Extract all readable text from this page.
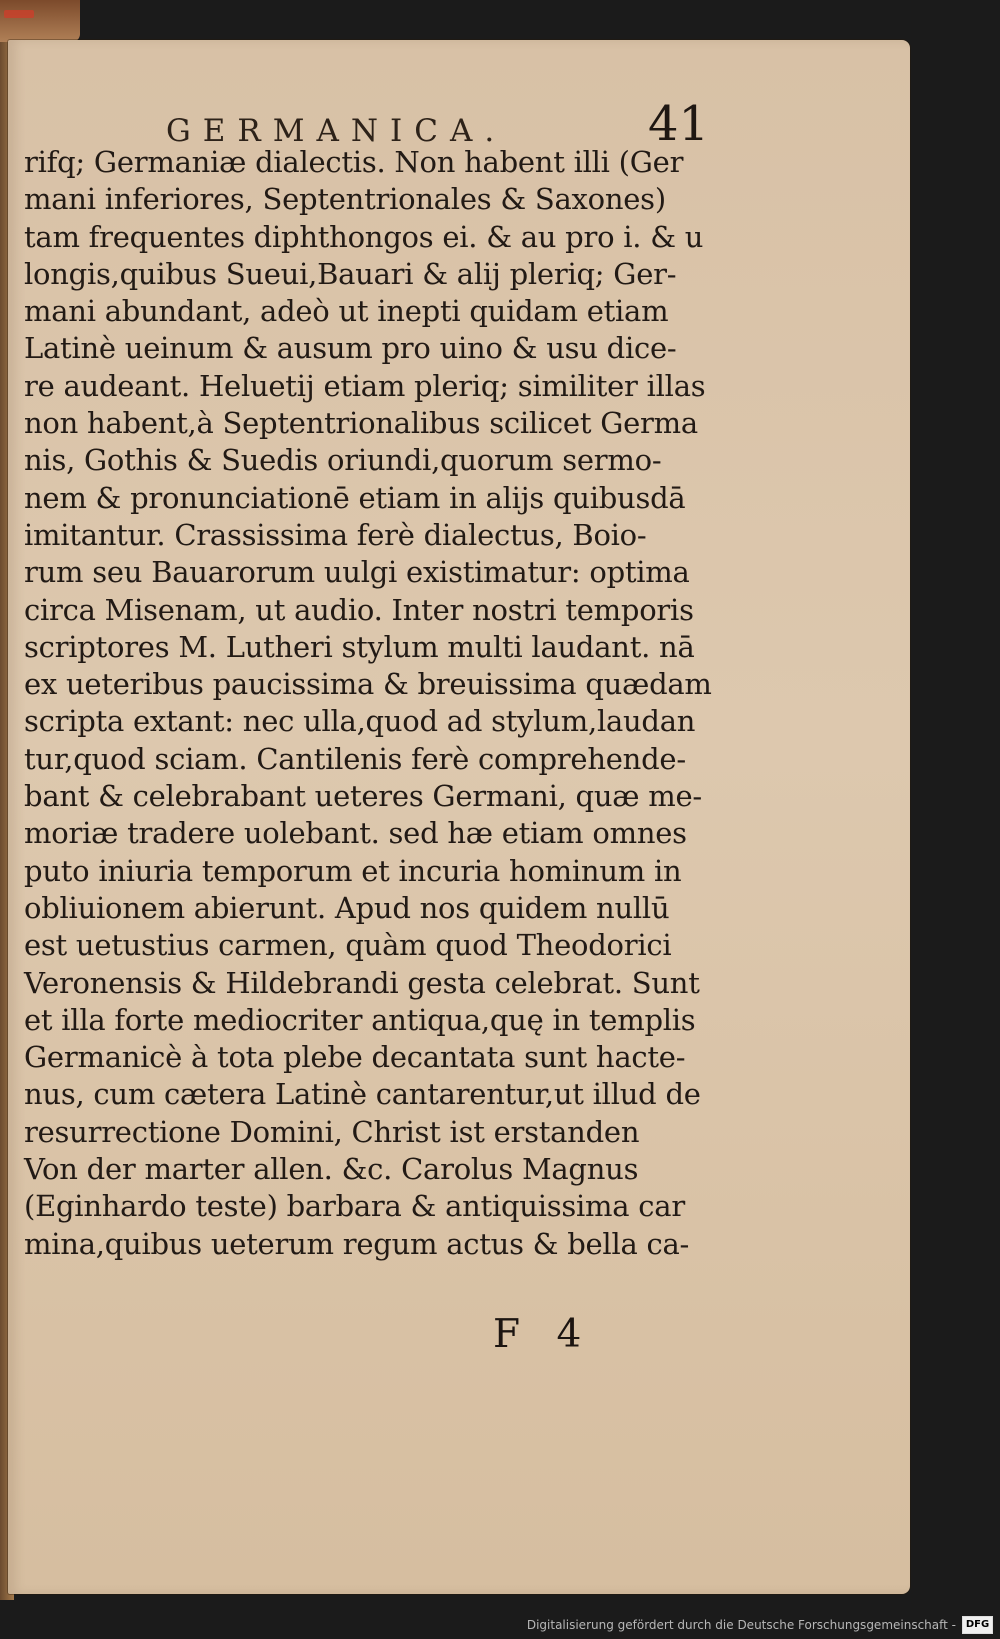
GERMANICA.	41
rifq; Germaniæ dialectis. Non habent illi (Ger
mani inferiores, Septentrionales & Saxones)
tam frequentes diphthongos ei. & au pro i. & u
longis,quibus Sueui,Bauari & alij pleriq; Ger-
mani abundant, adeò ut inepti quidam etiam
Latinè ueinum & ausum pro uino & usu dice-
re audeant. Heluetij etiam pleriq; similiter illas
non habent,à Septentrionalibus scilicet Germa
nis, Gothis & Suedis oriundi,quorum sermo-
nem & pronunciationē etiam in alijs quibusdā
imitantur. Crassissima ferè dialectus, Boio-
rum seu Bauarorum uulgi existimatur: optima
circa Misenam, ut audio. Inter nostri temporis
scriptores M. Lutheri stylum multi laudant. nā
ex ueteribus paucissima & breuissima quædam
scripta extant: nec ulla,quod ad stylum,laudan
tur,quod sciam. Cantilenis ferè comprehende-
bant & celebrabant ueteres Germani, quæ me-
moriæ tradere uolebant. sed hæ etiam omnes
puto iniuria temporum et incuria hominum in
obliuionem abierunt. Apud nos quidem nullū
est uetustius carmen, quàm quod Theodorici
Veronensis & Hildebrandi gesta celebrat. Sunt
et illa forte mediocriter antiqua,quę in templis
Germanicè à tota plebe decantata sunt hacte-
nus, cum cætera Latinè cantarentur,ut illud de
resurrectione Domini, Christ ist erstanden
Von der marter allen. &c. Carolus Magnus
(Eginhardo teste) barbara & antiquissima car
mina,quibus ueterum regum actus & bella ca-
F 4
Digitalisierung gefördert durch die Deutsche Forschungsgemeinschaft - DFG
